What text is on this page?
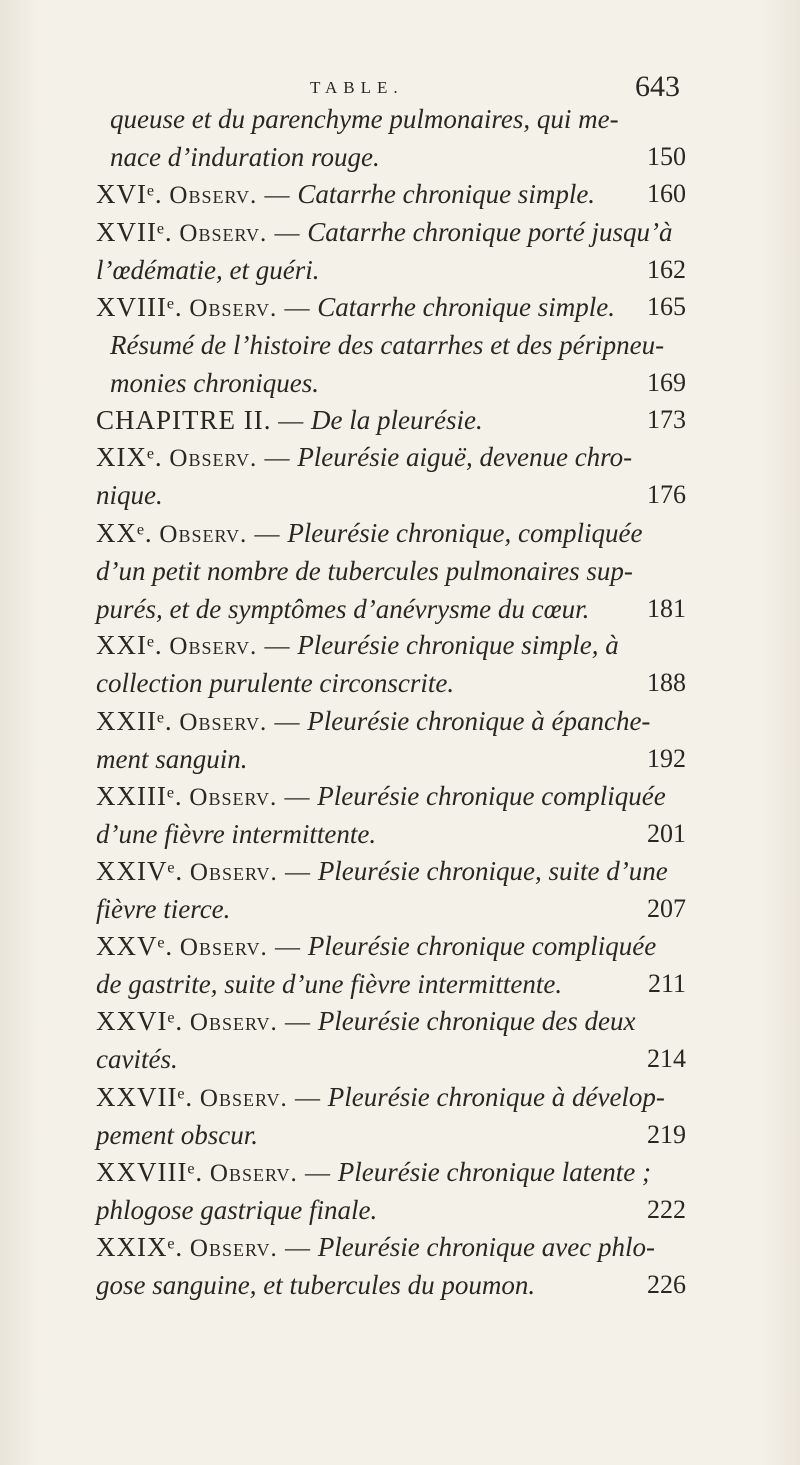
TABLE.	643
queuse et du parenchyme pulmonaires, qui me-
nace d’induration rouge.	150
XVIᵉ. Observ. — Catarrhe chronique simple. 160
XVIIᵉ. Observ. — Catarrhe chronique porté jusqu’à
l’œdématie, et guéri.	162
XVIIIᵉ. Observ. — Catarrhe chronique simple. 165
Résumé de l’histoire des catarrhes et des péripneu-
monies chroniques.	169
CHAPITRE II. — De la pleurésie.	173
XIXᵉ. Observ. — Pleurésie aiguë, devenue chro-
nique.	176
XXᵉ. Observ. — Pleurésie chronique, compliquée
d’un petit nombre de tubercules pulmonaires sup-
purés, et de symptômes d’anévrysme du cœur. 181
XXIᵉ. Observ. — Pleurésie chronique simple, à
collection purulente circonscrite.	188
XXIIᵉ. Observ. — Pleurésie chronique à épanche-
ment sanguin.	192
XXIIIᵉ. Observ. — Pleurésie chronique compliquée
d’une fièvre intermittente.	201
XXIVᵉ. Observ. — Pleurésie chronique, suite d’une
fièvre tierce.	207
XXVᵉ. Observ. — Pleurésie chronique compliquée
de gastrite, suite d’une fièvre intermittente.	211
XXVIᵉ. Observ. — Pleurésie chronique des deux
cavités.	214
XXVIIᵉ. Observ. — Pleurésie chronique à dévelop-
pement obscur.	219
XXVIIIᵉ. Observ. — Pleurésie chronique latente ;
phlogose gastrique finale.	222
XXIXᵉ. Observ. — Pleurésie chronique avec phlo-
gose sanguine, et tubercules du poumon.	226
